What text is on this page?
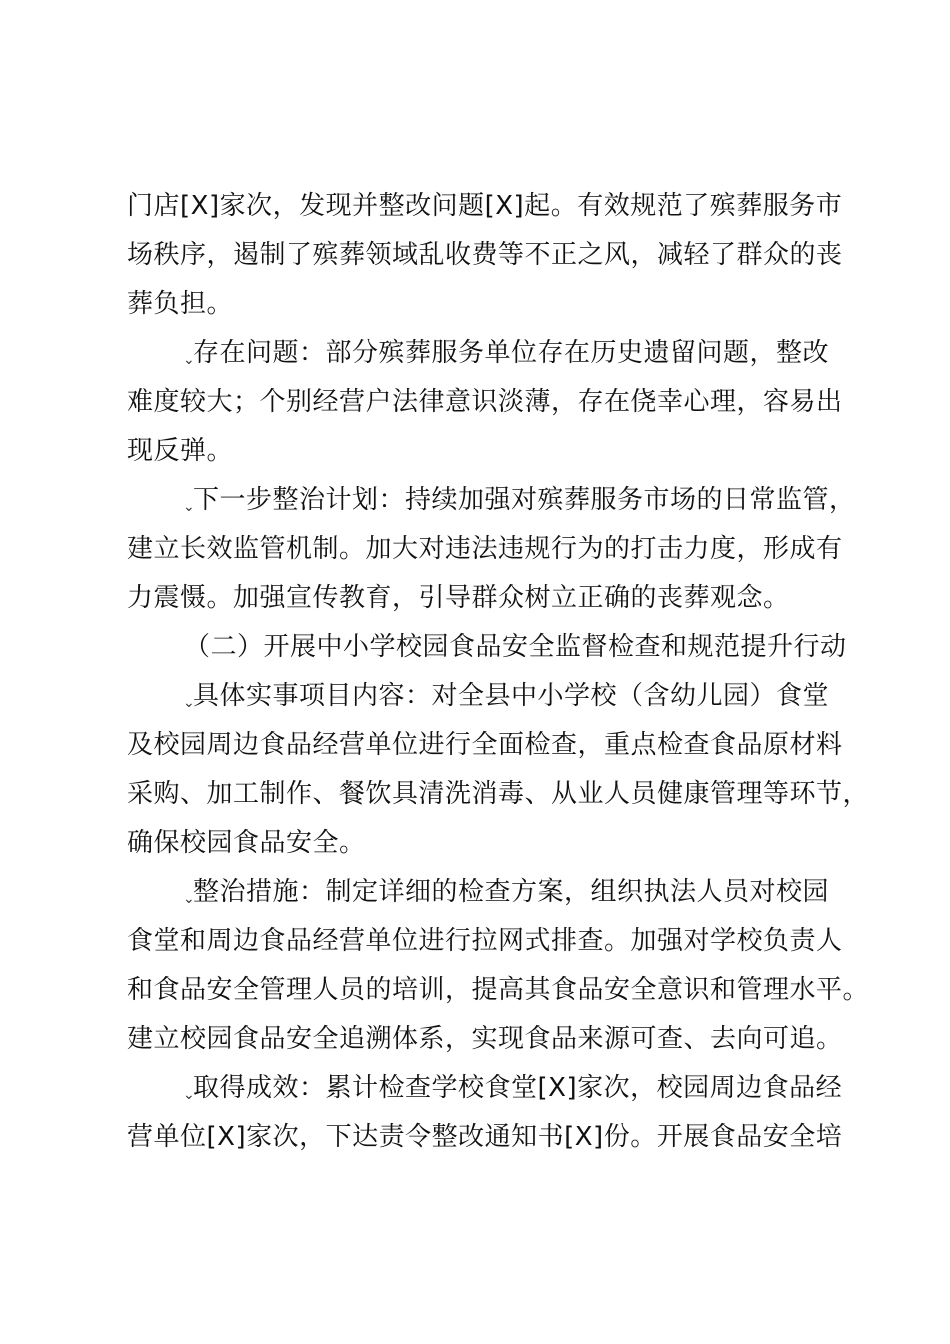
门店[X]家次，发现并整改问题[X]起。有效规范了殡葬服务市
场秩序，遏制了殡葬领域乱收费等不正之风，减轻了群众的丧
葬负担。
⌄存在问题：部分殡葬服务单位存在历史遗留问题，整改
难度较大；个别经营户法律意识淡薄，存在侥幸心理，容易出
现反弹。
⌄下一步整治计划：持续加强对殡葬服务市场的日常监管，
建立长效监管机制。加大对违法违规行为的打击力度，形成有
力震慑。加强宣传教育，引导群众树立正确的丧葬观念。
（二）开展中小学校园食品安全监督检查和规范提升行动
⌄具体实事项目内容：对全县中小学校（含幼儿园）食堂
及校园周边食品经营单位进行全面检查，重点检查食品原材料
采购、加工制作、餐饮具清洗消毒、从业人员健康管理等环节，
确保校园食品安全。
⌄整治措施：制定详细的检查方案，组织执法人员对校园
食堂和周边食品经营单位进行拉网式排查。加强对学校负责人
和食品安全管理人员的培训，提高其食品安全意识和管理水平。
建立校园食品安全追溯体系，实现食品来源可查、去向可追。
⌄取得成效：累计检查学校食堂[X]家次，校园周边食品经
营单位[X]家次，下达责令整改通知书[X]份。开展食品安全培
